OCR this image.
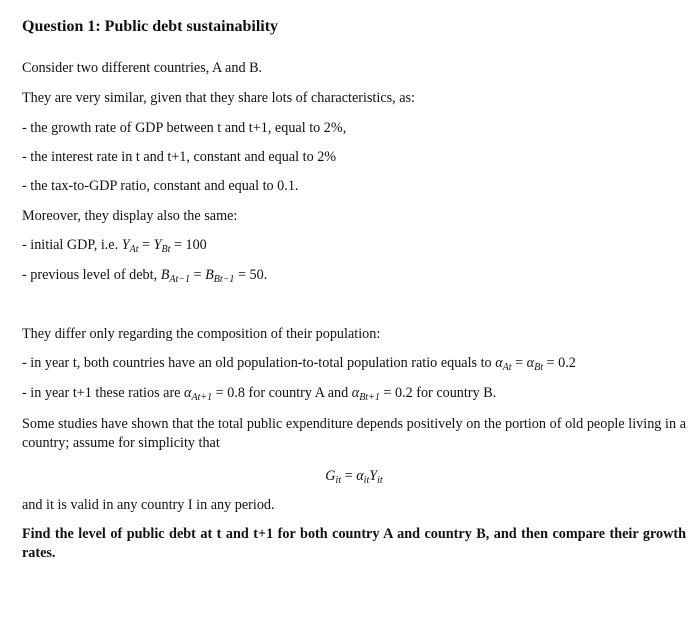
Question 1: Public debt sustainability
Consider two different countries, A and B.
They are very similar, given that they share lots of characteristics, as:
- the growth rate of GDP between t and t+1, equal to 2%,
- the interest rate in t and t+1, constant and equal to 2%
- the tax-to-GDP ratio, constant and equal to 0.1.
Moreover, they display also the same:
- initial GDP, i.e. $Y_{At} = Y_{Bt} = 100$
- previous level of debt, $B_{At-1} = B_{Bt-1} = 50$.
They differ only regarding the composition of their population:
- in year t, both countries have an old population-to-total population ratio equals to $\alpha_{At} = \alpha_{Bt} = 0.2$
- in year t+1 these ratios are $\alpha_{At+1} = 0.8$ for country A and $\alpha_{Bt+1} = 0.2$ for country B.
Some studies have shown that the total public expenditure depends positively on the portion of old people living in a country; assume for simplicity that
$G_{it} = \alpha_{it}Y_{it}$
and it is valid in any country I in any period.
Find the level of public debt at t and t+1 for both country A and country B, and then compare their growth rates.
